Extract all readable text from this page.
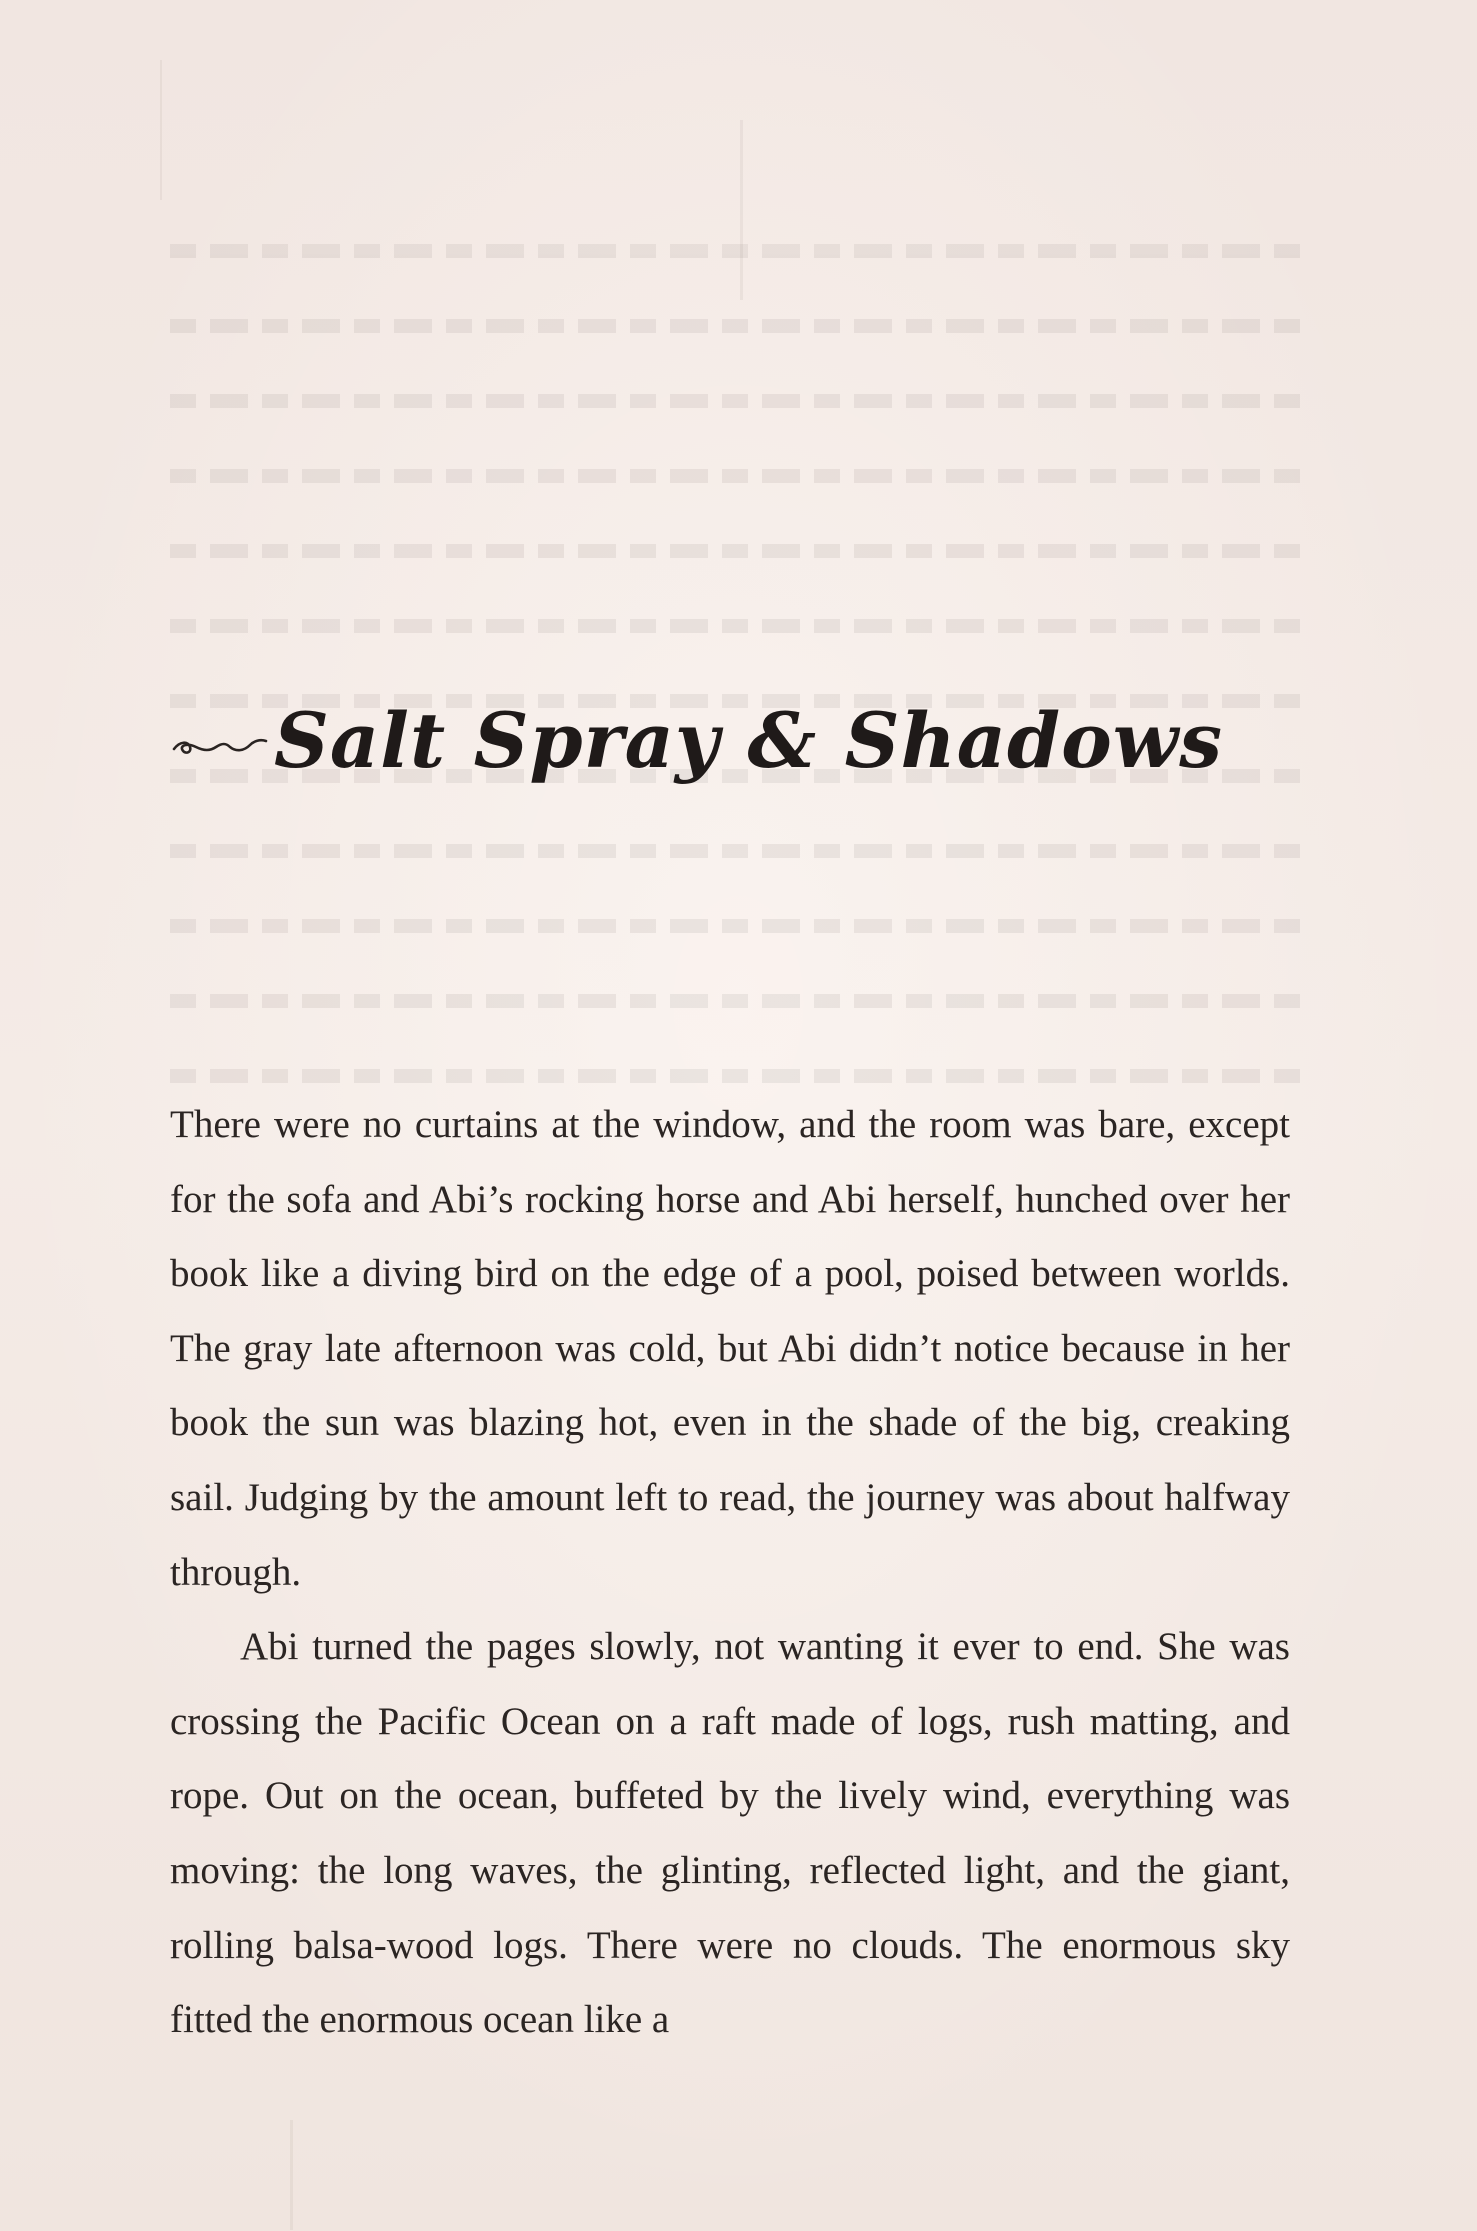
Salt Spray & Shadows

There were no curtains at the window, and the room was bare, except for the sofa and Abi’s rocking horse and Abi herself, hunched over her book like a diving bird on the edge of a pool, poised between worlds. The gray late afternoon was cold, but Abi didn’t notice because in her book the sun was blazing hot, even in the shade of the big, creaking sail. Judging by the amount left to read, the journey was about halfway through.

Abi turned the pages slowly, not wanting it ever to end. She was crossing the Pacific Ocean on a raft made of logs, rush matting, and rope. Out on the ocean, buffeted by the lively wind, everything was moving: the long waves, the glinting, reflected light, and the giant, rolling balsa-wood logs. There were no clouds. The enormous sky fitted the enormous ocean like a
